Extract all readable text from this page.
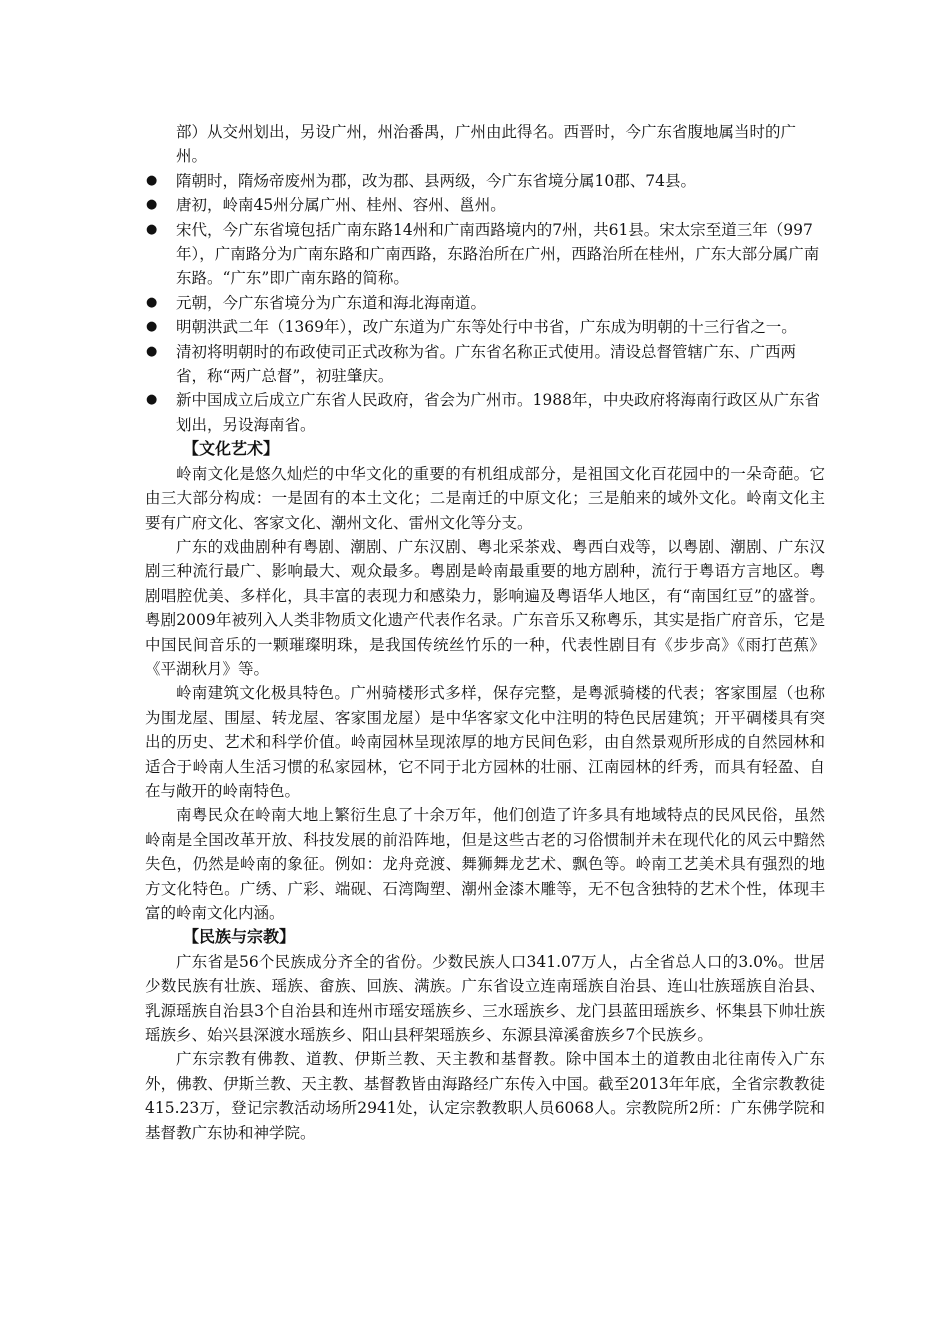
部）从交州划出，另设广州，州治番禺，广州由此得名。西晋时，今广东省腹地属当时的广州。

● 隋朝时，隋炀帝废州为郡，改为郡、县两级，今广东省境分属10郡、74县。
● 唐初，岭南45州分属广州、桂州、容州、邕州。
● 宋代，今广东省境包括广南东路14州和广南西路境内的7州，共61县。宋太宗至道三年（997年），广南路分为广南东路和广南西路，东路治所在广州，西路治所在桂州，广东大部分属广南东路。“广东”即广南东路的简称。
● 元朝，今广东省境分为广东道和海北海南道。
● 明朝洪武二年（1369年），改广东道为广东等处行中书省，广东成为明朝的十三行省之一。
● 清初将明朝时的布政使司正式改称为省。广东省名称正式使用。清设总督管辖广东、广西两省，称“两广总督”，初驻肇庆。
● 新中国成立后成立广东省人民政府，省会为广州市。1988年，中央政府将海南行政区从广东省划出，另设海南省。
【文化艺术】

岭南文化是悠久灿烂的中华文化的重要的有机组成部分，是祖国文化百花园中的一朵奇葩。它由三大部分构成：一是固有的本土文化；二是南迁的中原文化；三是舶来的域外文化。岭南文化主要有广府文化、客家文化、潮州文化、雷州文化等分支。

广东的戏曲剧种有粤剧、潮剧、广东汉剧、粤北采茶戏、粤西白戏等，以粤剧、潮剧、广东汉剧三种流行最广、影响最大、观众最多。粤剧是岭南最重要的地方剧种，流行于粤语方言地区。粤剧唱腔优美、多样化，具丰富的表现力和感染力，影响遍及粤语华人地区，有“南国红豆”的盛誉。粤剧2009年被列入人类非物质文化遗产代表作名录。广东音乐又称粤乐，其实是指广府音乐，它是中国民间音乐的一颗璀璨明珠，是我国传统丝竹乐的一种，代表性剧目有《步步高》《雨打芭蕉》《平湖秋月》等。

岭南建筑文化极具特色。广州骑楼形式多样，保存完整，是粤派骑楼的代表；客家围屋（也称为围龙屋、围屋、转龙屋、客家围龙屋）是中华客家文化中注明的特色民居建筑；开平碉楼具有突出的历史、艺术和科学价值。岭南园林呈现浓厚的地方民间色彩，由自然景观所形成的自然园林和适合于岭南人生活习惯的私家园林，它不同于北方园林的壮丽、江南园林的纤秀，而具有轻盈、自在与敞开的岭南特色。

南粤民众在岭南大地上繁衍生息了十余万年，他们创造了许多具有地域特点的民风民俗，虽然岭南是全国改革开放、科技发展的前沿阵地，但是这些古老的习俗惯制并未在现代化的风云中黯然失色，仍然是岭南的象征。例如：龙舟竞渡、舞狮舞龙艺术、飘色等。岭南工艺美术具有强烈的地方文化特色。广绣、广彩、端砚、石湾陶塑、潮州金漆木雕等，无不包含独特的艺术个性，体现丰富的岭南文化内涵。

【民族与宗教】

广东省是56个民族成分齐全的省份。少数民族人口341.07万人，占全省总人口的3.0%。世居少数民族有壮族、瑶族、畲族、回族、满族。广东省设立连南瑶族自治县、连山壮族瑶族自治县、乳源瑶族自治县3个自治县和连州市瑶安瑶族乡、三水瑶族乡、龙门县蓝田瑶族乡、怀集县下帅壮族瑶族乡、始兴县深渡水瑶族乡、阳山县秤架瑶族乡、东源县漳溪畲族乡7个民族乡。

广东宗教有佛教、道教、伊斯兰教、天主教和基督教。除中国本土的道教由北往南传入广东外，佛教、伊斯兰教、天主教、基督教皆由海路经广东传入中国。截至2013年年底，全省宗教教徒415.23万，登记宗教活动场所2941处，认定宗教教职人员6068人。宗教院所2所：广东佛学院和基督教广东协和神学院。
